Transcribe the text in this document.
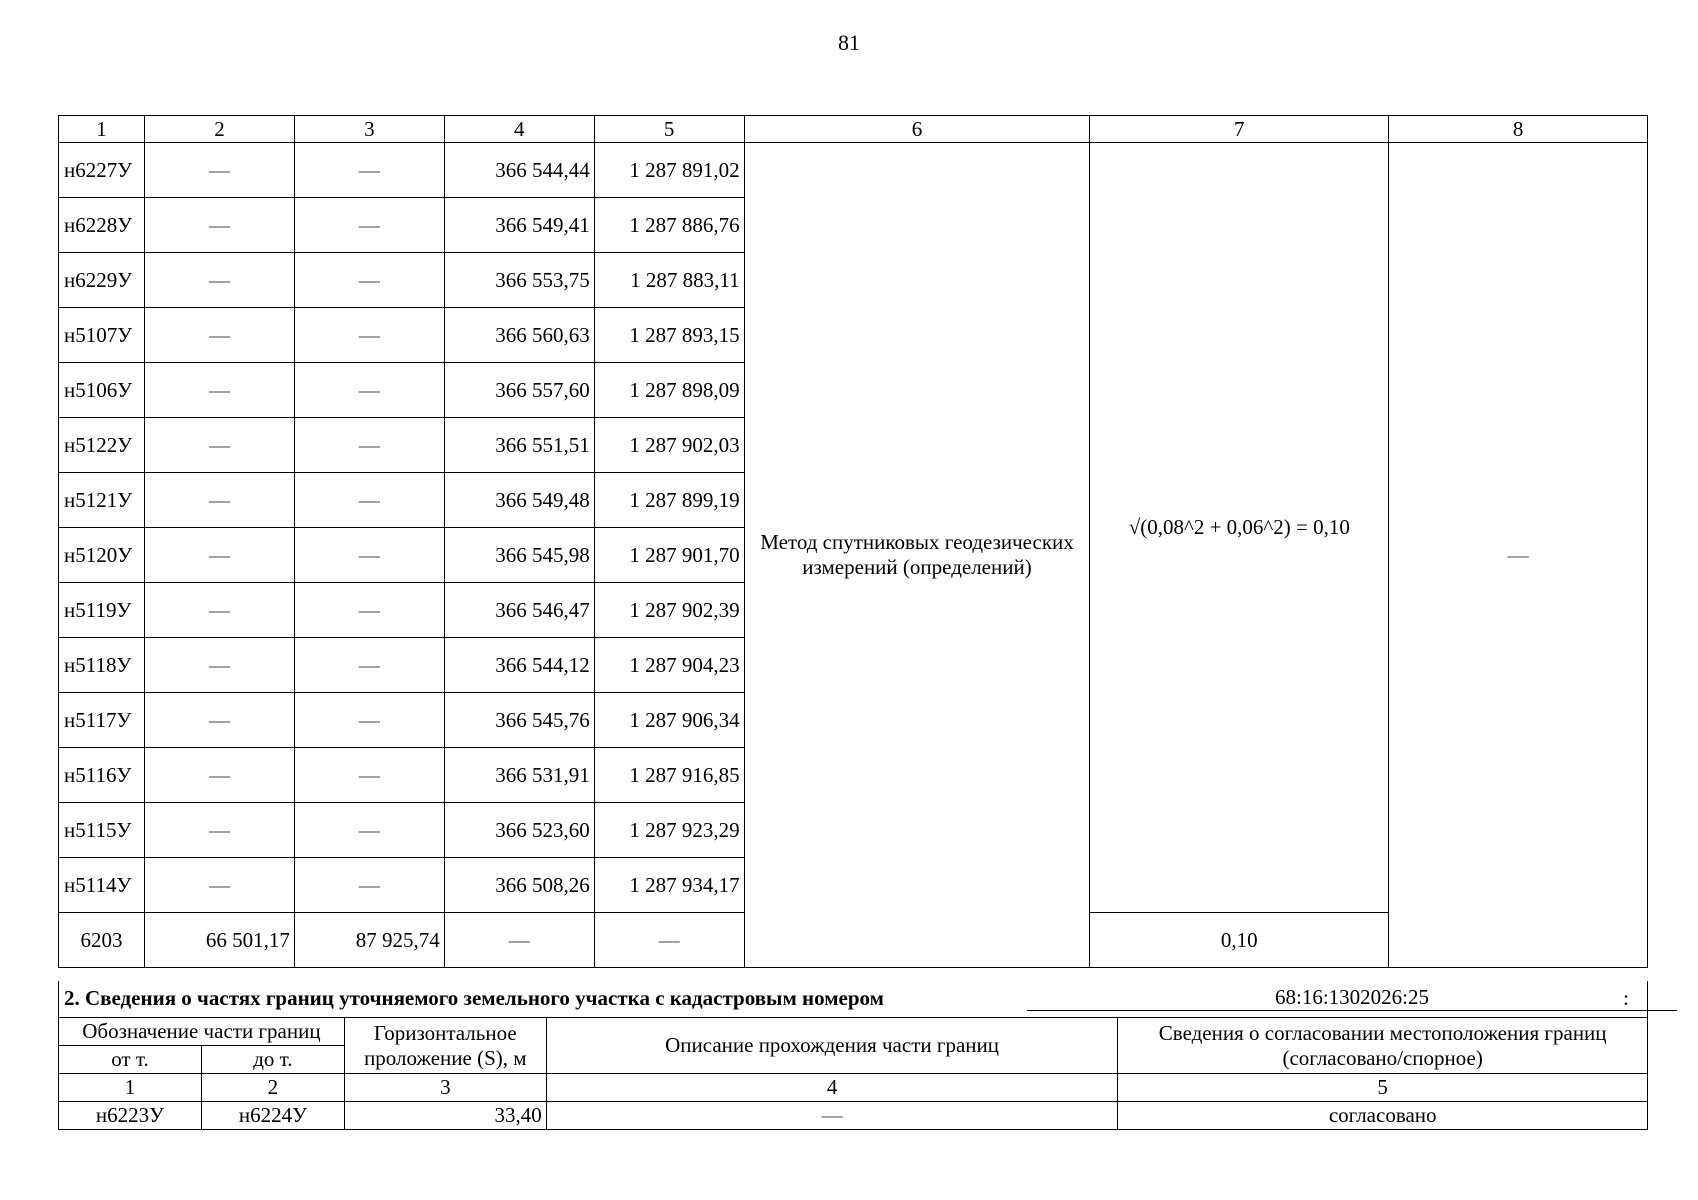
81
1	2	3	4	5	6	7	8
н6227У	—	—	366 544,44	1 287 891,02	Метод спутниковых геодезических измерений (определений)	√(0,08^2 + 0,06^2) = 0,10	—
н6228У	—	—	366 549,41	1 287 886,76			
н6229У	—	—	366 553,75	1 287 883,11			
н5107У	—	—	366 560,63	1 287 893,15			
н5106У	—	—	366 557,60	1 287 898,09			
н5122У	—	—	366 551,51	1 287 902,03			
н5121У	—	—	366 549,48	1 287 899,19			
н5120У	—	—	366 545,98	1 287 901,70			
н5119У	—	—	366 546,47	1 287 902,39			
н5118У	—	—	366 544,12	1 287 904,23			
н5117У	—	—	366 545,76	1 287 906,34			
н5116У	—	—	366 531,91	1 287 916,85			
н5115У	—	—	366 523,60	1 287 923,29			
н5114У	—	—	366 508,26	1 287 934,17			
6203	66 501,17	87 925,74	—	—		0,10	
2. Сведения о частях границ уточняемого земельного участка с кадастровым номером	68:16:1302026:25	:
Обозначение части границ		Горизонтальное проложение (S), м	Описание прохождения части границ	Сведения о согласовании местоположения границ (согласовано/спорное)
от т.	до т.			
1	2	3	4	5
н6223У	н6224У	33,40	—	согласовано
